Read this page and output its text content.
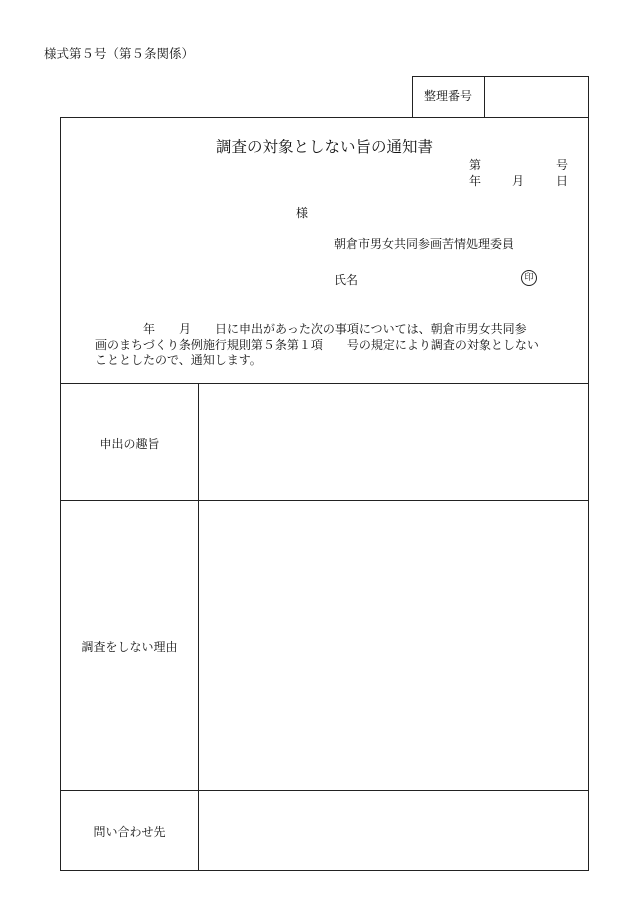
様式第５号（第５条関係）
整理番号
調査の対象としない旨の通知書
第	号
年	月	日
様
朝倉市男女共同参画苦情処理委員
氏名	印
　　　　年　　月　　日に申出があった次の事項については、朝倉市男女共同参
画のまちづくり条例施行規則第５条第１項　　号の規定により調査の対象としない
こととしたので、通知します。
申出の趣旨
調査をしない理由
問い合わせ先
